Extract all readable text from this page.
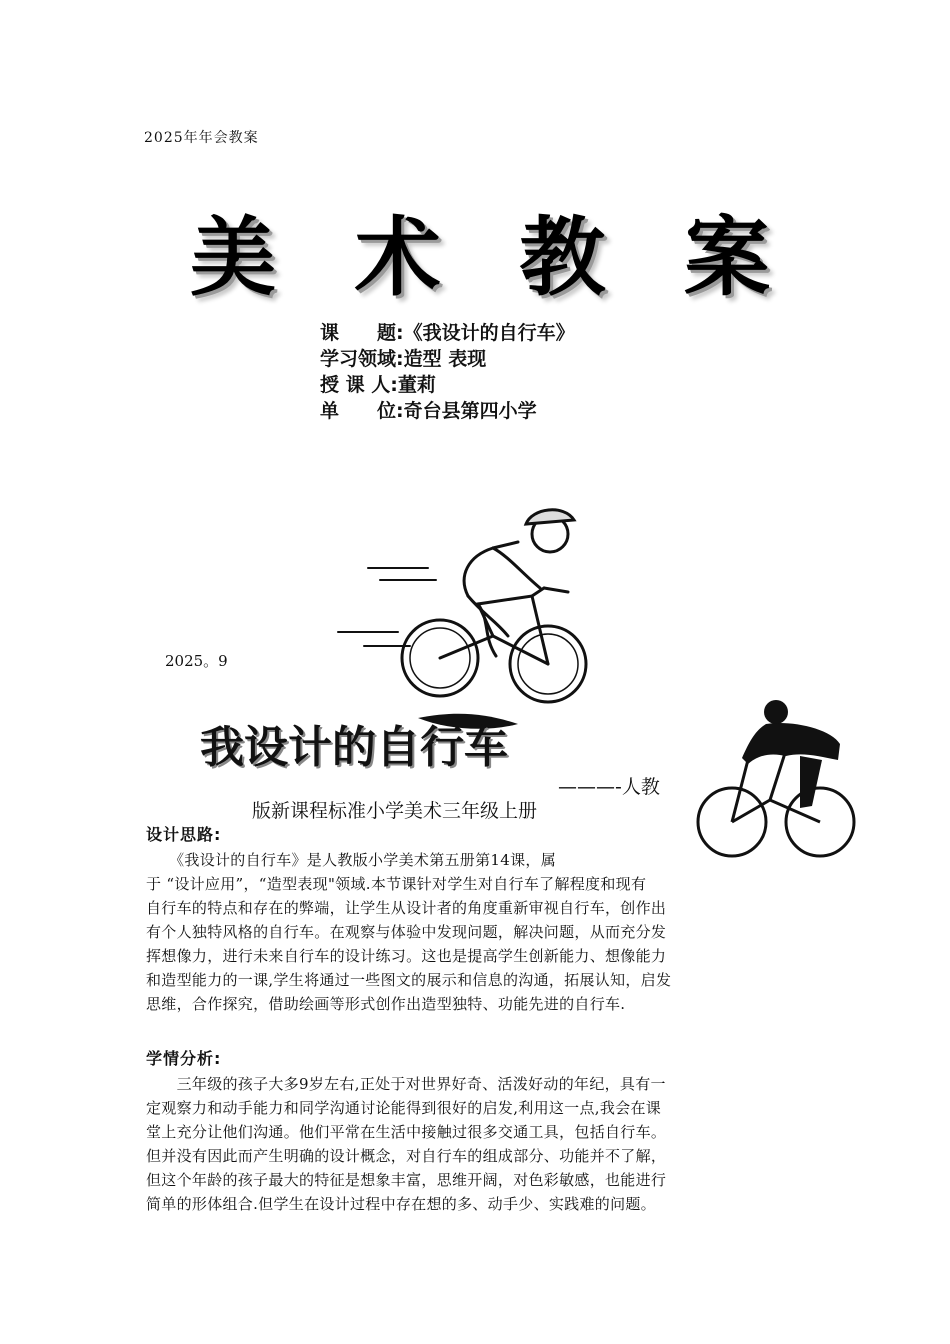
2025年年会教案
美 术 教 案
课　　题: 《我设计的自行车》
学习领域: 造型 表现
授 课 人: 董莉
单　　位: 奇台县第四小学
2025。9
我设计的自行车
———-人教
版新课程标准小学美术三年级上册
设计思路:

　　《我设计的自行车》是人教版小学美术第五册第14课，属

于 “设计应用”，“造型表现"领域.本节课针对学生对自行车了解程度和现有

自行车的特点和存在的弊端，让学生从设计者的角度重新审视自行车，创作出

有个人独特风格的自行车。在观察与体验中发现问题，解决问题，从而充分发

挥想像力，进行未来自行车的设计练习。这也是提高学生创新能力、想像能力

和造型能力的一课,学生将通过一些图文的展示和信息的沟通，拓展认知，启发

思维，合作探究，借助绘画等形式创作出造型独特、功能先进的自行车.

学情分析:

　　三年级的孩子大多9岁左右,正处于对世界好奇、活泼好动的年纪，具有一

定观察力和动手能力和同学沟通讨论能得到很好的启发,利用这一点,我会在课

堂上充分让他们沟通。他们平常在生活中接触过很多交通工具，包括自行车。

但并没有因此而产生明确的设计概念，对自行车的组成部分、功能并不了解，

但这个年龄的孩子最大的特征是想象丰富，思维开阔，对色彩敏感，也能进行

简单的形体组合.但学生在设计过程中存在想的多、动手少、实践难的问题。
